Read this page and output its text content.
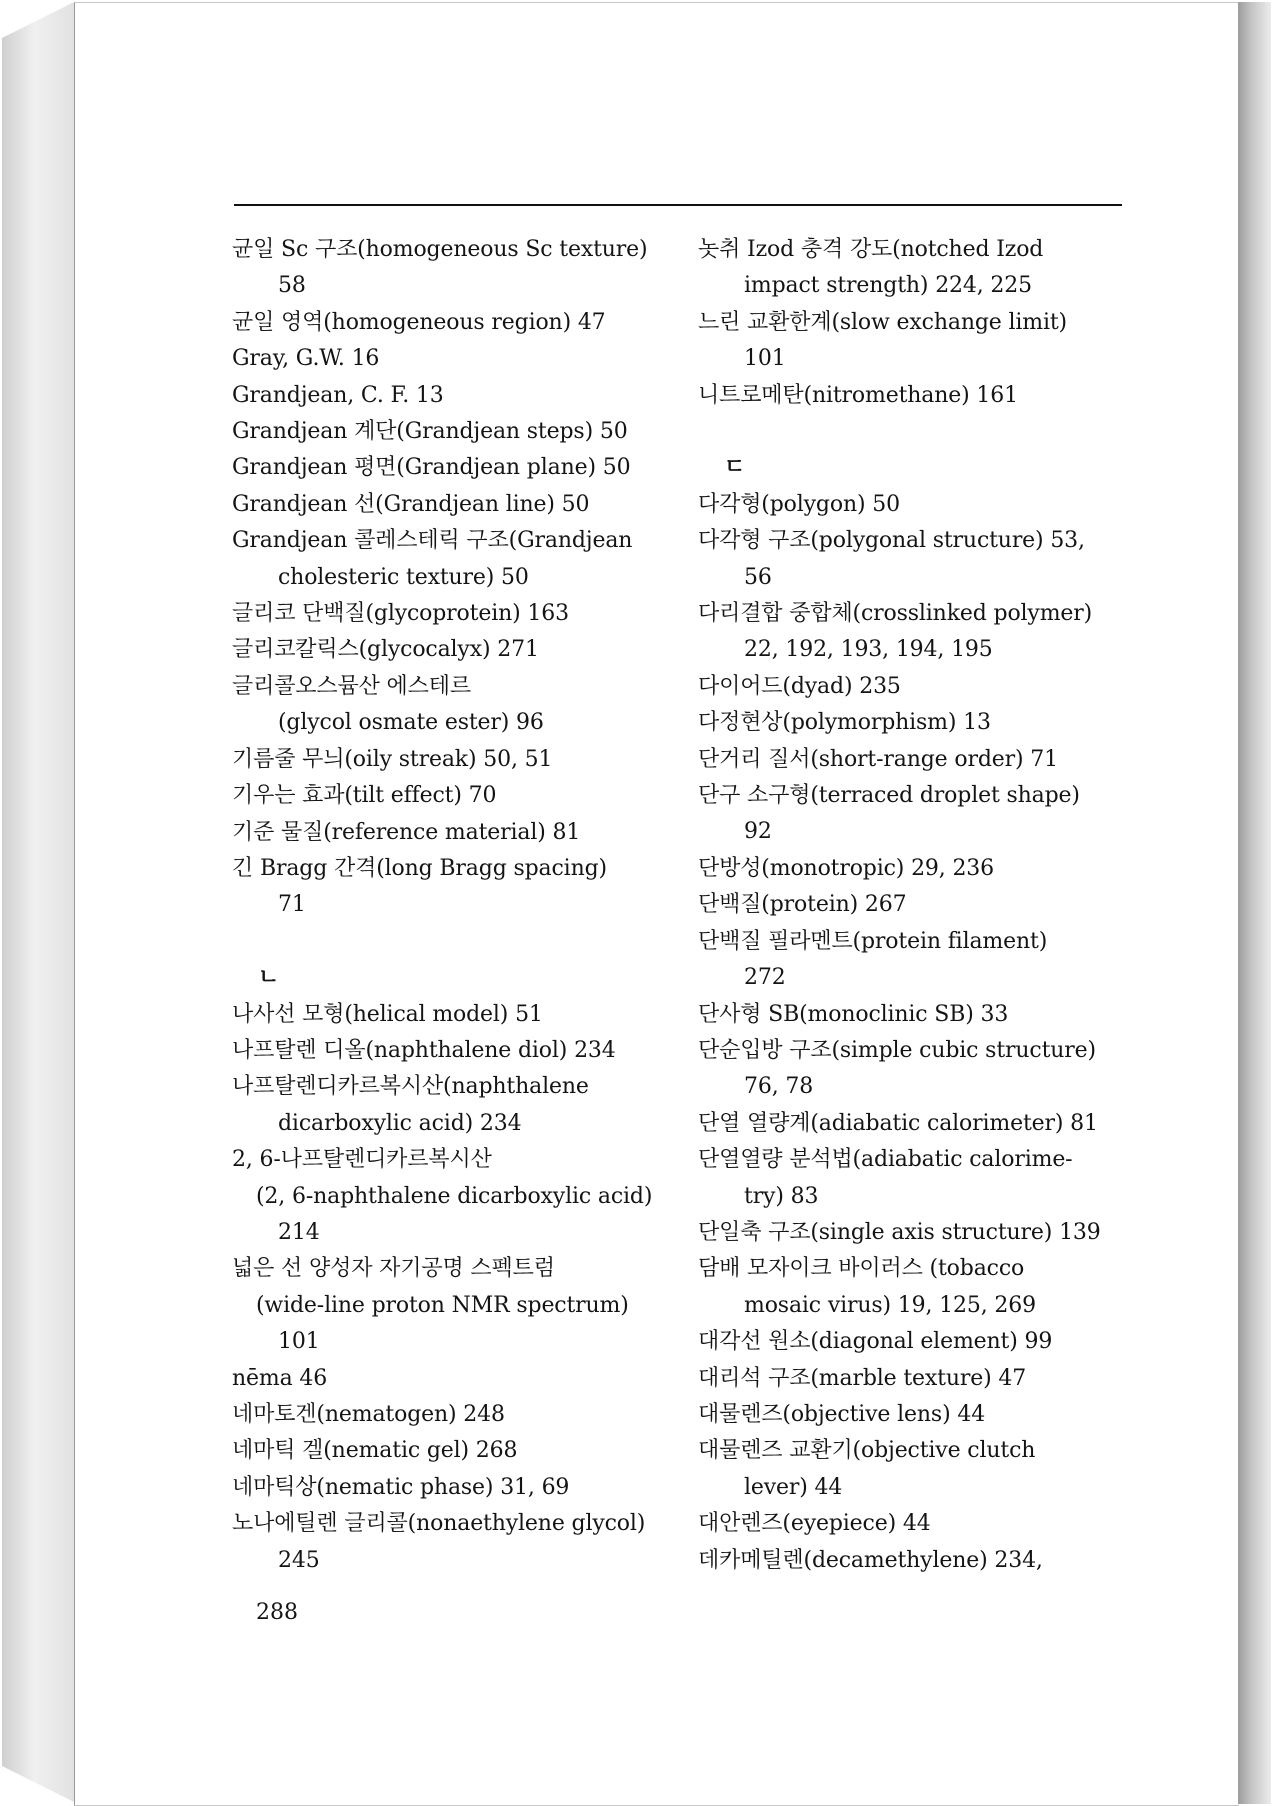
균일 Sc 구조(homogeneous Sc texture)
58
균일 영역(homogeneous region) 47
Gray, G.W. 16
Grandjean, C. F. 13
Grandjean 계단(Grandjean steps) 50
Grandjean 평면(Grandjean plane) 50
Grandjean 선(Grandjean line) 50
Grandjean 콜레스테릭 구조(Grandjean
cholesteric texture) 50
글리코 단백질(glycoprotein) 163
글리코칼릭스(glycocalyx) 271
글리콜오스뮴산 에스테르
(glycol osmate ester) 96
기름줄 무늬(oily streak) 50, 51
기우는 효과(tilt effect) 70
기준 물질(reference material) 81
긴 Bragg 간격(long Bragg spacing)
71
ㄴ
나사선 모형(helical model) 51
나프탈렌 디올(naphthalene diol) 234
나프탈렌디카르복시산(naphthalene
dicarboxylic acid) 234
2, 6-나프탈렌디카르복시산
(2, 6-naphthalene dicarboxylic acid)
214
넓은 선 양성자 자기공명 스펙트럼
(wide-line proton NMR spectrum)
101
nēma 46
네마토겐(nematogen) 248
네마틱 겔(nematic gel) 268
네마틱상(nematic phase) 31, 69
노나에틸렌 글리콜(nonaethylene glycol)
245
놋취 Izod 충격 강도(notched Izod
impact strength) 224, 225
느린 교환한계(slow exchange limit)
101
니트로메탄(nitromethane) 161
ㄷ
다각형(polygon) 50
다각형 구조(polygonal structure) 53,
56
다리결합 중합체(crosslinked polymer)
22, 192, 193, 194, 195
다이어드(dyad) 235
다정현상(polymorphism) 13
단거리 질서(short-range order) 71
단구 소구형(terraced droplet shape)
92
단방성(monotropic) 29, 236
단백질(protein) 267
단백질 필라멘트(protein filament)
272
단사형 SB(monoclinic SB) 33
단순입방 구조(simple cubic structure)
76, 78
단열 열량계(adiabatic calorimeter) 81
단열열량 분석법(adiabatic calorime-
try) 83
단일축 구조(single axis structure) 139
담배 모자이크 바이러스 (tobacco
mosaic virus) 19, 125, 269
대각선 원소(diagonal element) 99
대리석 구조(marble texture) 47
대물렌즈(objective lens) 44
대물렌즈 교환기(objective clutch
lever) 44
대안렌즈(eyepiece) 44
데카메틸렌(decamethylene) 234,
288
